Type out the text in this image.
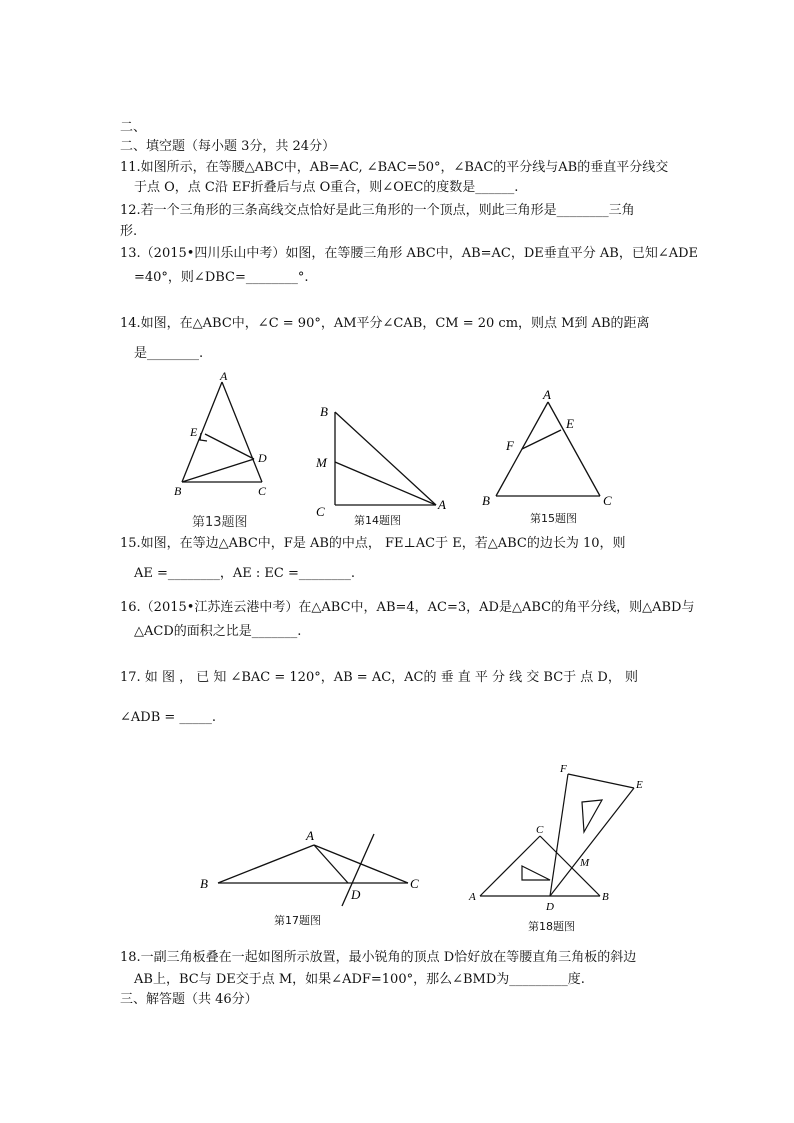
二、
二、填空题（每小题 3分，共 24分）
11.如图所示，在等腰△ABC中，AB=AC, ∠BAC=50°，∠BAC的平分线与AB的垂直平分线交
于点 O，点 C沿 EF折叠后与点 O重合，则∠OEC的度数是______.
12.若一个三角形的三条高线交点恰好是此三角形的一个顶点，则此三角形是________三角
形.
13.（2015•四川乐山中考）如图，在等腰三角形 ABC中，AB=AC，DE垂直平分 AB，已知∠ADE
=40°，则∠DBC=________°.
14.如图，在△ABC中，∠C = 90°，AM平分∠CAB，CM = 20 cm，则点 M到 AB的距离
是________.
A
E
D
B	C
第13题图
B
M
C	A
第14题图
A
E
F
B	C
第15题图
15.如图，在等边△ABC中，F是 AB的中点， FE⊥AC于 E，若△ABC的边长为 10，则
AE =________，AE : EC =________.
16.（2015•江苏连云港中考）在△ABC中，AB=4，AC=3，AD是△ABC的角平分线，则△ABD与
△ACD的面积之比是_______.
17. 如 图 ， 已 知 ∠BAC = 120°，AB = AC，AC的 垂 直 平 分 线 交 BC于 点 D， 则
∠ADB = _____.
A
B
D
C
第17题图
F
E
C
M
A
D
B
第18题图
18.一副三角板叠在一起如图所示放置，最小锐角的顶点 D恰好放在等腰直角三角板的斜边
AB上，BC与 DE交于点 M，如果∠ADF=100°，那么∠BMD为_________度.
三、解答题（共 46分）
